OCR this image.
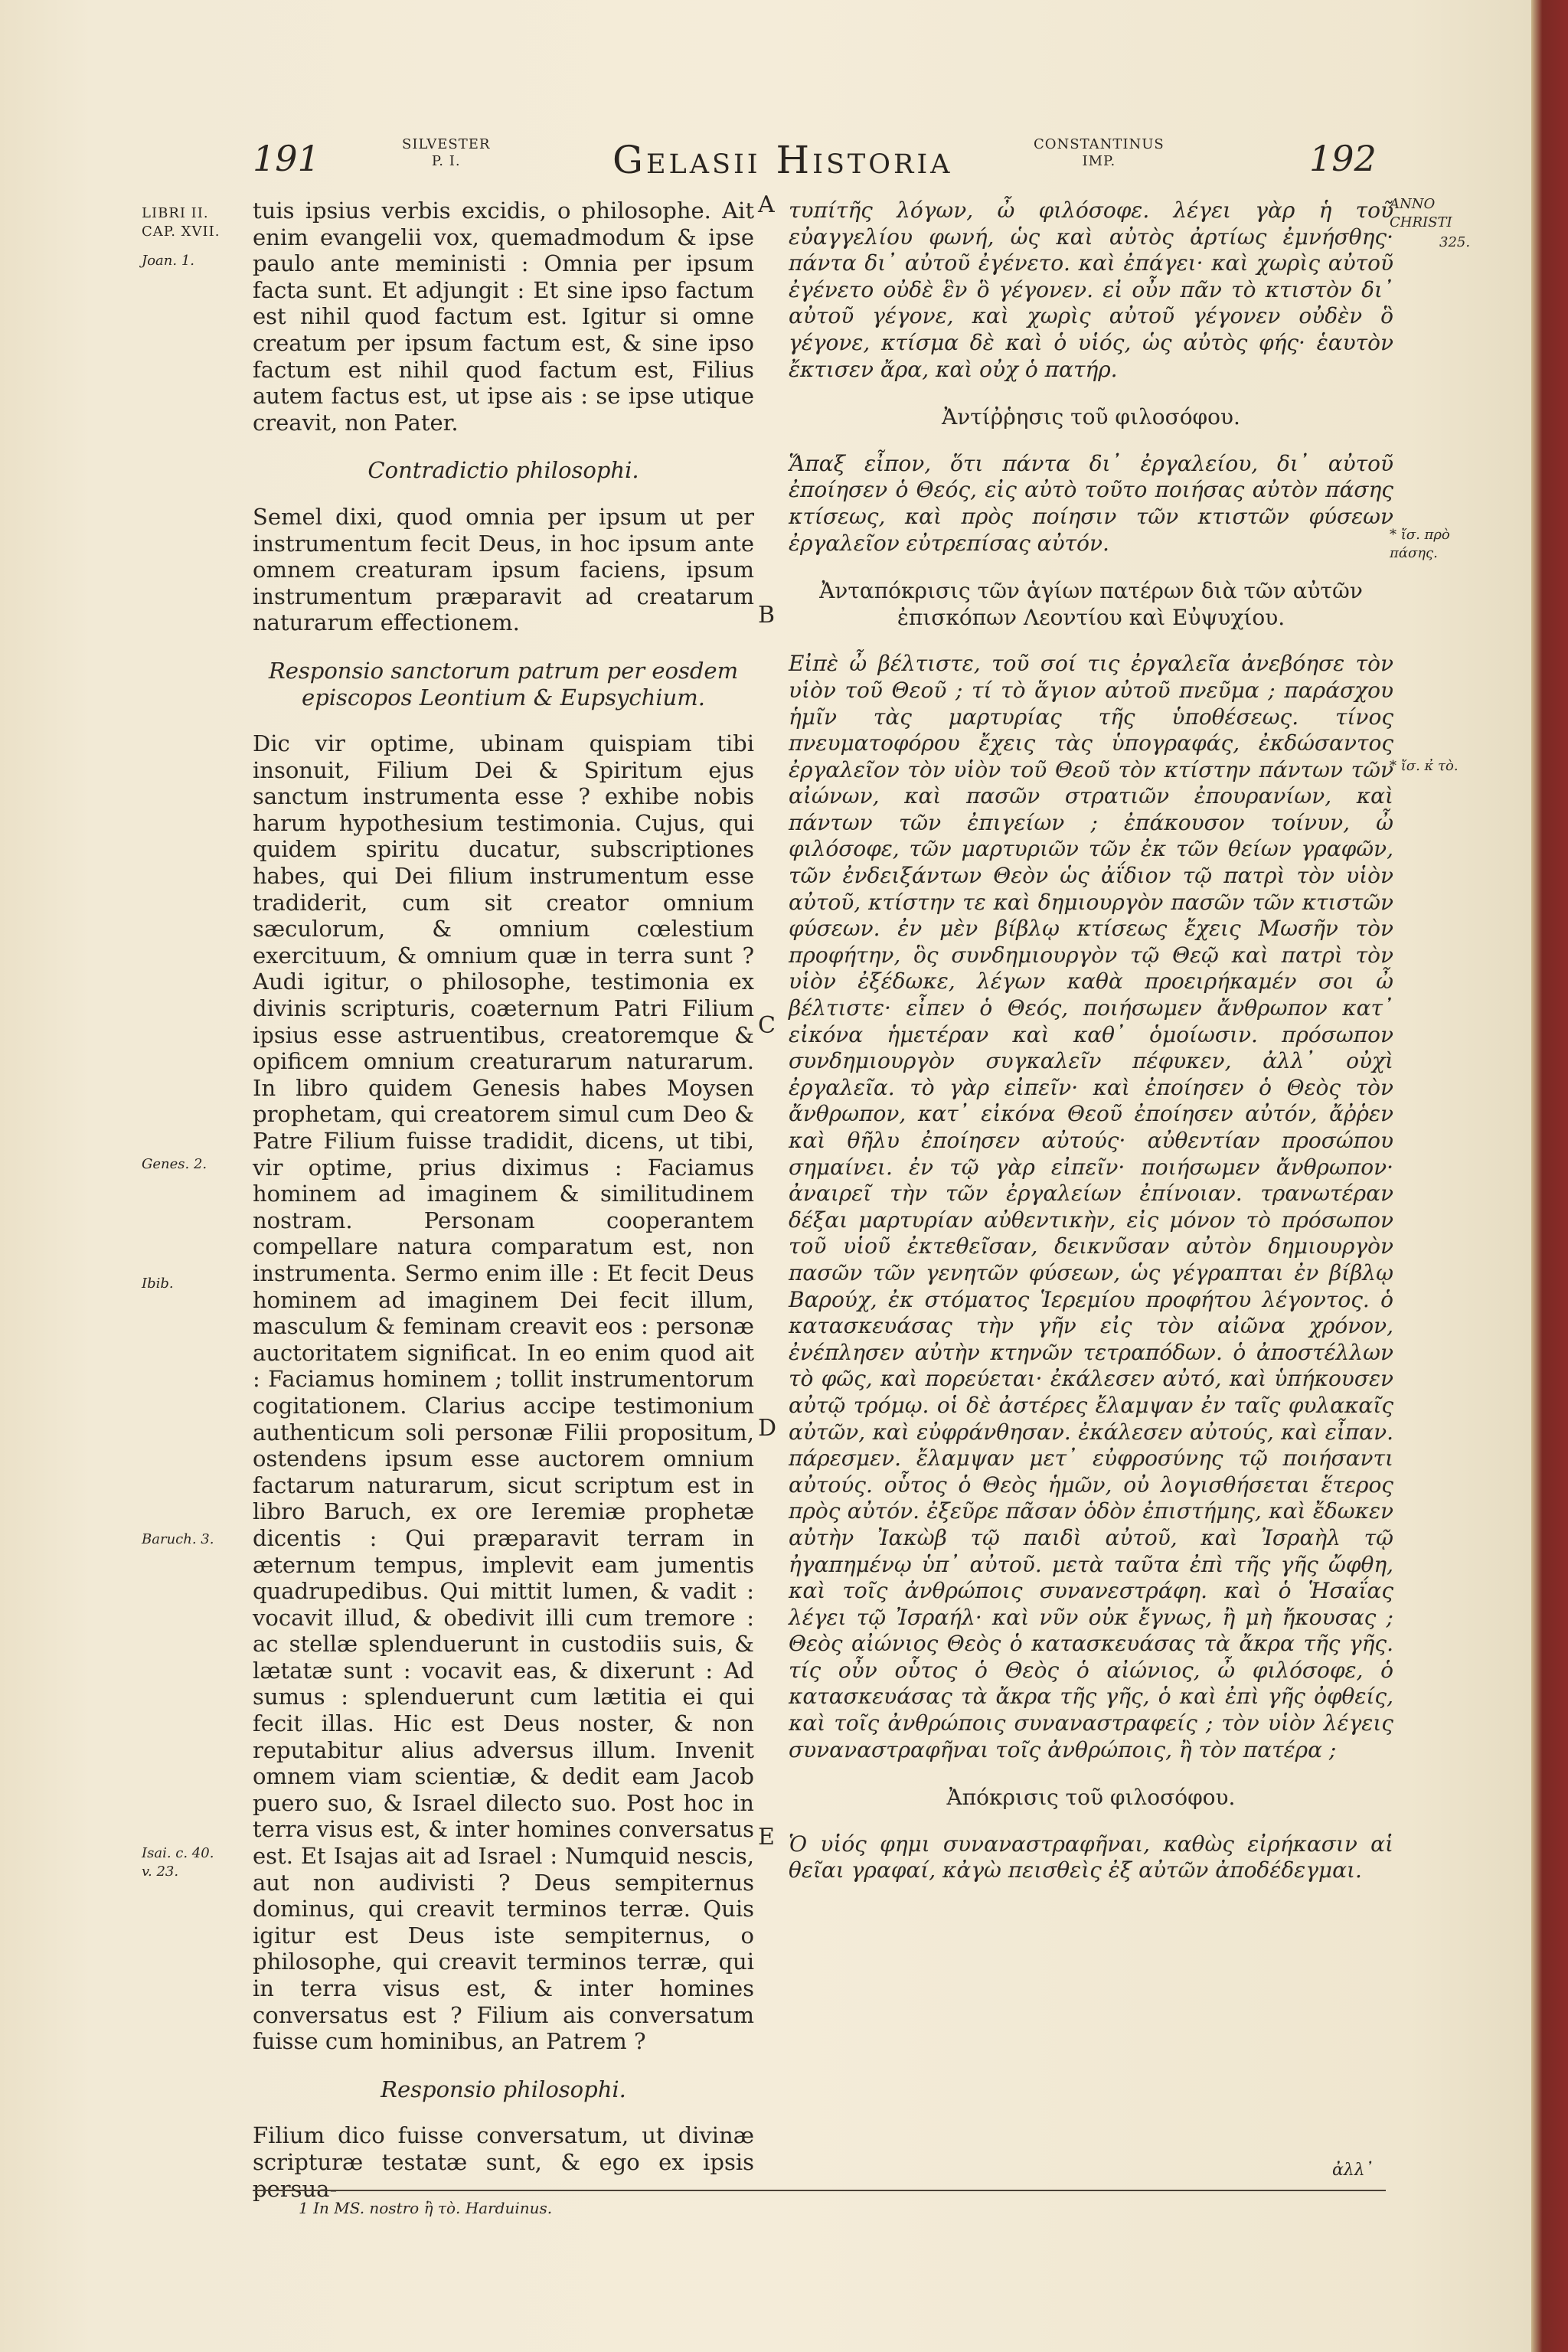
191	SILVESTER
P. I.	Gelasii Historia	CONSTANTINUS
IMP.	192
LIBRI II.
CAP. XVII.
Joan. 1.
Genes. 2.
Ibib.
Baruch. 3.
Isai. c. 40.
v. 23.
ANNO
CHRISTI
325.
* ἴσ. πρὸ
πάσης.
* ἴσ. κ̓ τὸ.
A
B
C
D
E

tuis ipsius verbis excidis, o philosophe. Ait enim evangelii vox, quemadmodum & ipse paulo ante meministi : Omnia per ipsum facta sunt. Et adjungit : Et sine ipso factum est nihil quod factum est. Igitur si omne creatum per ipsum factum est, & sine ipso factum est nihil quod factum est, Filius autem factus est, ut ipse ais : se ipse utique creavit, non Pater.

Contradictio philosophi.

Semel dixi, quod omnia per ipsum ut per instrumentum fecit Deus, in hoc ipsum ante omnem creaturam ipsum faciens, ipsum instrumentum præparavit ad creatarum naturarum effectionem.

Responsio sanctorum patrum per eosdem episcopos Leontium & Eupsychium.

Dic vir optime, ubinam quispiam tibi insonuit, Filium Dei & Spiritum ejus sanctum instrumenta esse ? exhibe nobis harum hypothesium testimonia. Cujus, qui quidem spiritu ducatur, subscriptiones habes, qui Dei filium instrumentum esse tradiderit, cum sit creator omnium sæculorum, & omnium cœlestium exercituum, & omnium quæ in terra sunt ? Audi igitur, o philosophe, testimonia ex divinis scripturis, coæternum Patri Filium ipsius esse astruentibus, creatoremque & opificem omnium creaturarum naturarum. In libro quidem Genesis habes Moysen prophetam, qui creatorem simul cum Deo & Patre Filium fuisse tradidit, dicens, ut tibi, vir optime, prius diximus : Faciamus hominem ad imaginem & similitudinem nostram. Personam cooperantem compellare natura comparatum est, non instrumenta. Sermo enim ille : Et fecit Deus hominem ad imaginem Dei fecit illum, masculum & feminam creavit eos : personæ auctoritatem significat. In eo enim quod ait : Faciamus hominem ; tollit instrumentorum cogitationem. Clarius accipe testimonium authenticum soli personæ Filii propositum, ostendens ipsum esse auctorem omnium factarum naturarum, sicut scriptum est in libro Baruch, ex ore Ieremiæ prophetæ dicentis : Qui præparavit terram in æternum tempus, implevit eam jumentis quadrupedibus. Qui mittit lumen, & vadit : vocavit illud, & obedivit illi cum tremore : ac stellæ splenduerunt in custodiis suis, & lætatæ sunt : vocavit eas, & dixerunt : Ad sumus : splenduerunt cum lætitia ei qui fecit illas. Hic est Deus noster, & non reputabitur alius adversus illum. Invenit omnem viam scientiæ, & dedit eam Jacob puero suo, & Israel dilecto suo. Post hoc in terra visus est, & inter homines conversatus est. Et Isajas ait ad Israel : Numquid nescis, aut non audivisti ? Deus sempiternus dominus, qui creavit terminos terræ. Quis igitur est Deus iste sempiternus, o philosophe, qui creavit terminos terræ, qui in terra visus est, & inter homines conversatus est ? Filium ais conversatum fuisse cum hominibus, an Patrem ?

Responsio philosophi.

Filium dico fuisse conversatum, ut divinæ scripturæ testatæ sunt, & ego ex ipsis persua-

τυπίτῆς λόγων, ὦ φιλόσοφε. λέγει γὰρ ἡ τοῦ εὐαγγελίου φωνή, ὡς καὶ αὐτὸς ἀρτίως ἐμνήσθης· πάντα δι᾽ αὐτοῦ ἐγένετο. καὶ ἐπάγει· καὶ χωρὶς αὐτοῦ ἐγένετο οὐδὲ ἓν ὃ γέγονεν. εἰ οὖν πᾶν τὸ κτιστὸν δι᾽ αὐτοῦ γέγονε, καὶ χωρὶς αὐτοῦ γέγονεν οὐδὲν ὃ γέγονε, κτίσμα δὲ καὶ ὁ υἱός, ὡς αὐτὸς φής· ἑαυτὸν ἔκτισεν ἄρα, καὶ οὐχ ὁ πατήρ.

Ἀντίῤῥησις τοῦ φιλοσόφου.

Ἅπαξ εἶπον, ὅτι πάντα δι᾽ ἐργαλείου, δι᾽ αὐτοῦ ἐποίησεν ὁ Θεός, εἰς αὐτὸ τοῦτο ποιήσας αὐτὸν πάσης κτίσεως, καὶ πρὸς ποίησιν τῶν κτιστῶν φύσεων ἐργαλεῖον εὐτρεπίσας αὐτόν.

Ἀνταπόκρισις τῶν ἁγίων πατέρων διὰ τῶν αὐτῶν ἐπισκόπων Λεοντίου καὶ Εὐψυχίου.

Εἰπὲ ὦ βέλτιστε, τοῦ σοί τις ἐργαλεῖα ἀνεβόησε τὸν υἱὸν τοῦ Θεοῦ ; τί τὸ ἅγιον αὐτοῦ πνεῦμα ; παράσχου ἡμῖν τὰς μαρτυρίας τῆς ὑποθέσεως. τίνος πνευματοφόρου ἔχεις τὰς ὑπογραφάς, ἐκδώσαντος ἐργαλεῖον τὸν υἱὸν τοῦ Θεοῦ τὸν κτίστην πάντων τῶν αἰώνων, καὶ πασῶν στρατιῶν ἐπουρανίων, καὶ πάντων τῶν ἐπιγείων ; ἐπάκουσον τοίνυν, ὦ φιλόσοφε, τῶν μαρτυριῶν τῶν ἐκ τῶν θείων γραφῶν, τῶν ἐνδειξάντων Θεὸν ὡς ἀΐδιον τῷ πατρὶ τὸν υἱὸν αὐτοῦ, κτίστην τε καὶ δημιουργὸν πασῶν τῶν κτιστῶν φύσεων. ἐν μὲν βίβλῳ κτίσεως ἔχεις Μωσῆν τὸν προφήτην, ὃς συνδημιουργὸν τῷ Θεῷ καὶ πατρὶ τὸν υἱὸν ἐξέδωκε, λέγων καθὰ προειρήκαμέν σοι ὦ βέλτιστε· εἶπεν ὁ Θεός, ποιήσωμεν ἄνθρωπον κατ᾽ εἰκόνα ἡμετέραν καὶ καθ᾽ ὁμοίωσιν. πρόσωπον συνδημιουργὸν συγκαλεῖν πέφυκεν, ἀλλ᾽ οὐχὶ ἐργαλεῖα. τὸ γὰρ εἰπεῖν· καὶ ἐποίησεν ὁ Θεὸς τὸν ἄνθρωπον, κατ᾽ εἰκόνα Θεοῦ ἐποίησεν αὐτόν, ἄῤῥεν καὶ θῆλυ ἐποίησεν αὐτούς· αὐθεντίαν προσώπου σημαίνει. ἐν τῷ γὰρ εἰπεῖν· ποιήσωμεν ἄνθρωπον· ἀναιρεῖ τὴν τῶν ἐργαλείων ἐπίνοιαν. τρανωτέραν δέξαι μαρτυρίαν αὐθεντικὴν, εἰς μόνον τὸ πρόσωπον τοῦ υἱοῦ ἐκτεθεῖσαν, δεικνῦσαν αὐτὸν δημιουργὸν πασῶν τῶν γενητῶν φύσεων, ὡς γέγραπται ἐν βίβλῳ Βαρούχ, ἐκ στόματος Ἱερεμίου προφήτου λέγοντος. ὁ κατασκευάσας τὴν γῆν εἰς τὸν αἰῶνα χρόνον, ἐνέπλησεν αὐτὴν κτηνῶν τετραπόδων. ὁ ἀποστέλλων τὸ φῶς, καὶ πορεύεται· ἐκάλεσεν αὐτό, καὶ ὑπήκουσεν αὐτῷ τρόμῳ. οἱ δὲ ἀστέρες ἔλαμψαν ἐν ταῖς φυλακαῖς αὐτῶν, καὶ εὐφράνθησαν. ἐκάλεσεν αὐτούς, καὶ εἶπαν. πάρεσμεν. ἔλαμψαν μετ᾽ εὐφροσύνης τῷ ποιήσαντι αὐτούς. οὗτος ὁ Θεὸς ἡμῶν, οὐ λογισθήσεται ἕτερος πρὸς αὐτόν. ἐξεῦρε πᾶσαν ὁδὸν ἐπιστήμης, καὶ ἔδωκεν αὐτὴν Ἰακὼβ τῷ παιδὶ αὐτοῦ, καὶ Ἰσραὴλ τῷ ἠγαπημένῳ ὑπ᾽ αὐτοῦ. μετὰ ταῦτα ἐπὶ τῆς γῆς ὤφθη, καὶ τοῖς ἀνθρώποις συνανεστράφη. καὶ ὁ Ἡσαΐας λέγει τῷ Ἰσραήλ· καὶ νῦν οὐκ ἔγνως, ἢ μὴ ἤκουσας ; Θεὸς αἰώνιος Θεὸς ὁ κατασκευάσας τὰ ἄκρα τῆς γῆς. τίς οὖν οὗτος ὁ Θεὸς ὁ αἰώνιος, ὦ φιλόσοφε, ὁ κατασκευάσας τὰ ἄκρα τῆς γῆς, ὁ καὶ ἐπὶ γῆς ὀφθείς, καὶ τοῖς ἀνθρώποις συναναστραφείς ; τὸν υἱὸν λέγεις συναναστραφῆναι τοῖς ἀνθρώποις, ἢ τὸν πατέρα ;

Ἀπόκρισις τοῦ φιλοσόφου.

Ὁ υἱός φημι συναναστραφῆναι, καθὼς εἰρήκασιν αἱ θεῖαι γραφαί, κἀγὼ πεισθεὶς ἐξ αὐτῶν ἀποδέδεγμαι.

ἀλλ᾽
1 In MS. nostro ἢ τὸ. Harduinus.
